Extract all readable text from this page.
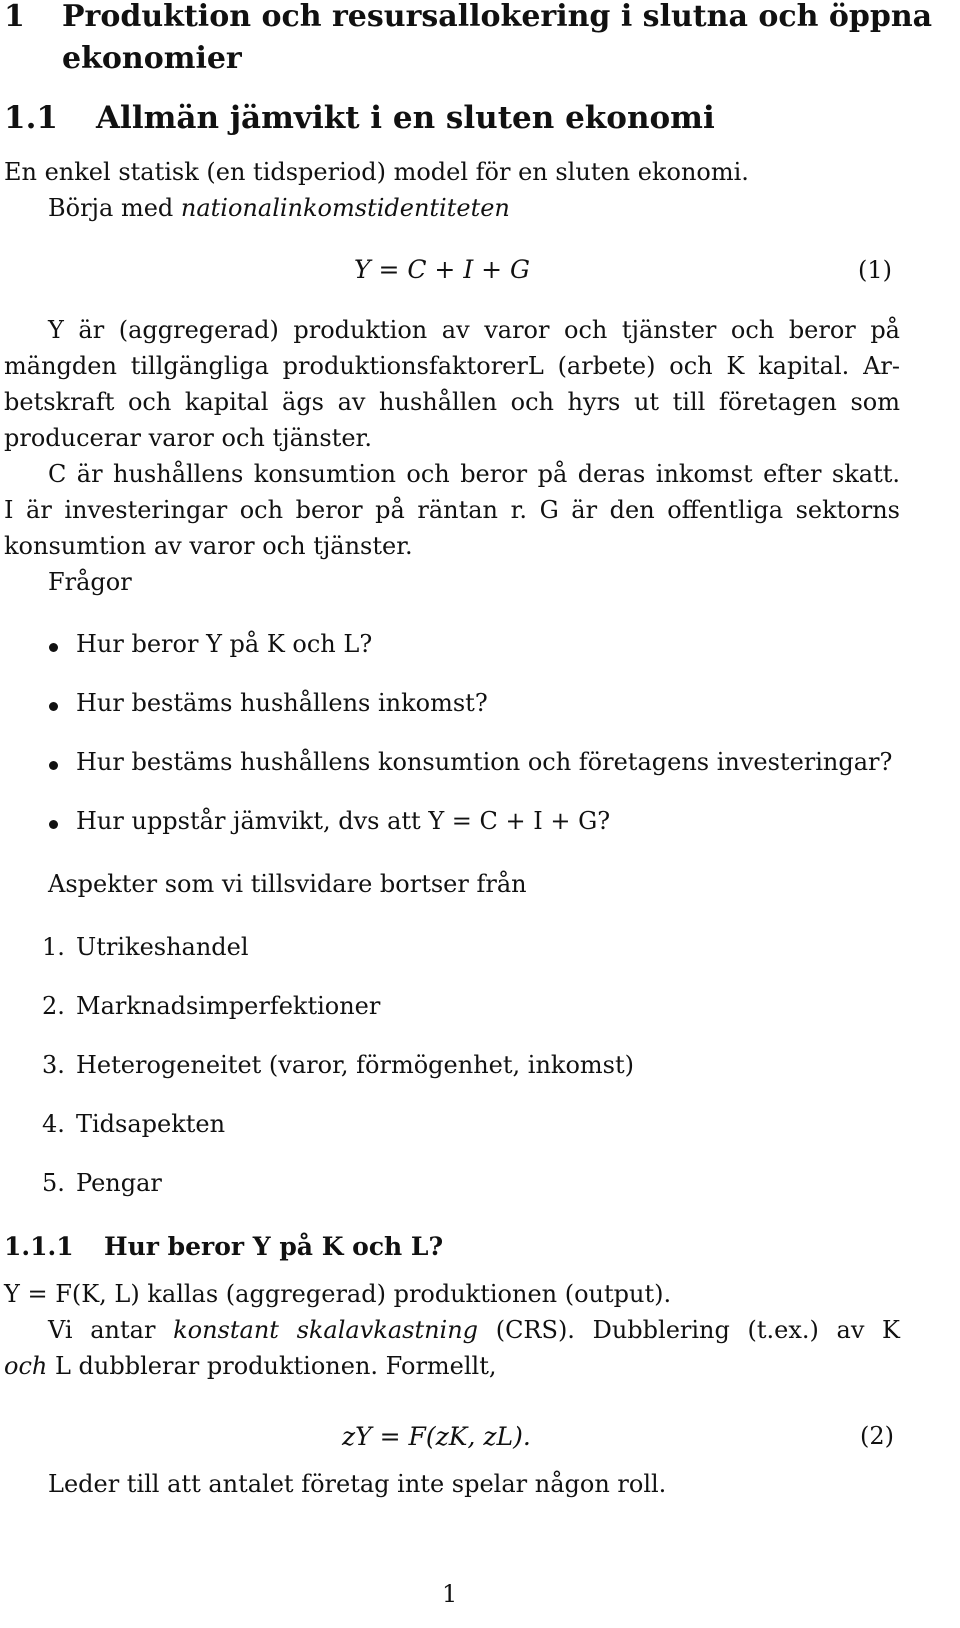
1 Produktion och resursallokering i slutna och öppna
ekonomier
1.1 Allmän jämvikt i en sluten ekonomi
En enkel statisk (en tidsperiod) model för en sluten ekonomi.
Börja med nationalinkomstidentiteten
Y = C + I + G	(1)
Y är (aggregerad) produktion av varor och tjänster och beror på
mängden tillgängliga produktionsfaktorerL (arbete) och K kapital. Ar-
betskraft och kapital ägs av hushållen och hyrs ut till företagen som
producerar varor och tjänster.
C är hushållens konsumtion och beror på deras inkomst efter skatt.
I är investeringar och beror på räntan r. G är den offentliga sektorns
konsumtion av varor och tjänster.
Frågor
Hur beror Y på K och L?
Hur bestäms hushållens inkomst?
Hur bestäms hushållens konsumtion och företagens investeringar?
Hur uppstår jämvikt, dvs att Y = C + I + G?
Aspekter som vi tillsvidare bortser från
1. Utrikeshandel
2. Marknadsimperfektioner
3. Heterogeneitet (varor, förmögenhet, inkomst)
4. Tidsapekten
5. Pengar
1.1.1 Hur beror Y på K och L?
Y = F(K, L) kallas (aggregerad) produktionen (output).
Vi antar konstant skalavkastning (CRS). Dubblering (t.ex.) av K
och L dubblerar produktionen. Formellt,
zY = F(zK, zL).	(2)
Leder till att antalet företag inte spelar någon roll.
1
